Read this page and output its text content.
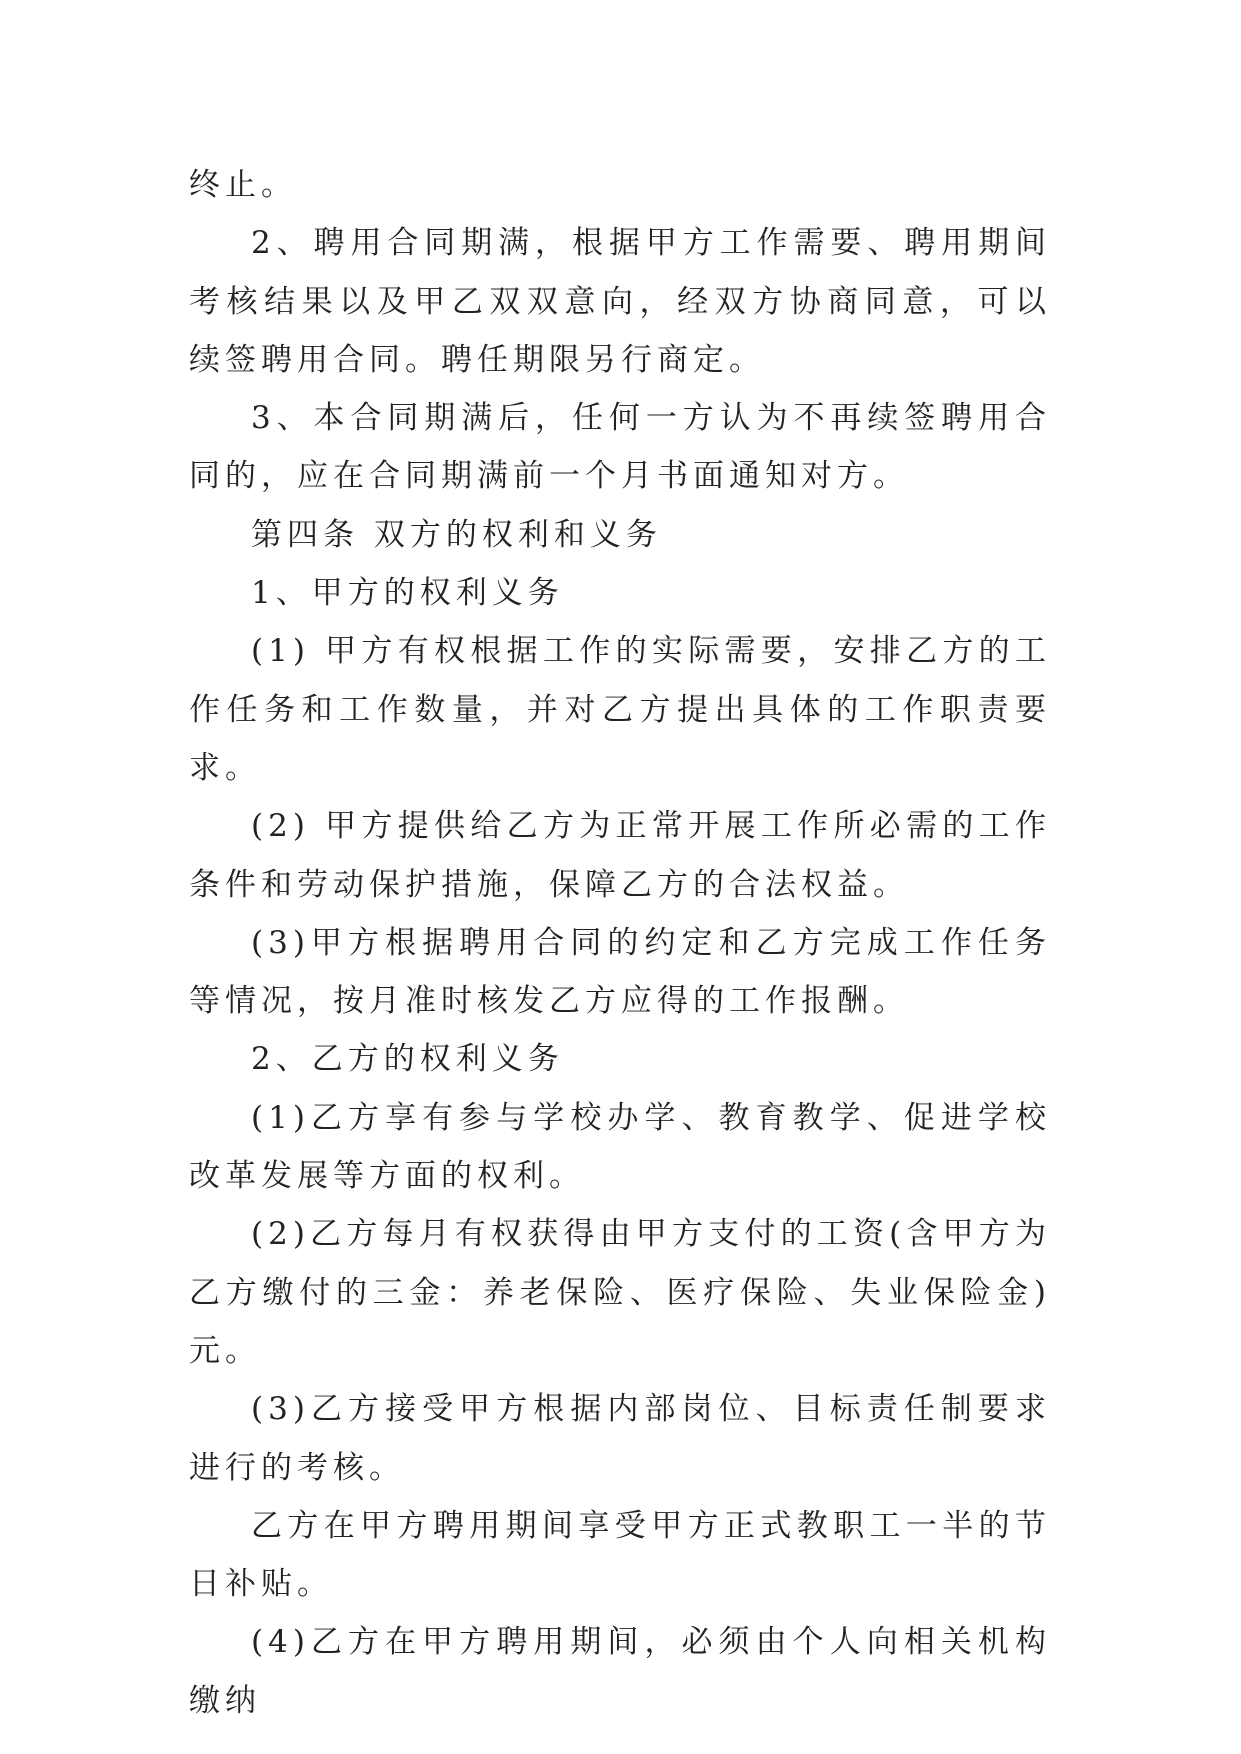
终止。

2、聘用合同期满，根据甲方工作需要、聘用期间考核结果以及甲乙双双意向，经双方协商同意，可以续签聘用合同。聘任期限另行商定。

3、本合同期满后，任何一方认为不再续签聘用合同的，应在合同期满前一个月书面通知对方。

第四条 双方的权利和义务

1、甲方的权利义务

(1) 甲方有权根据工作的实际需要，安排乙方的工作任务和工作数量，并对乙方提出具体的工作职责要求。

(2) 甲方提供给乙方为正常开展工作所必需的工作条件和劳动保护措施，保障乙方的合法权益。

(3)甲方根据聘用合同的约定和乙方完成工作任务等情况，按月准时核发乙方应得的工作报酬。

2、乙方的权利义务

(1)乙方享有参与学校办学、教育教学、促进学校改革发展等方面的权利。

(2)乙方每月有权获得由甲方支付的工资(含甲方为乙方缴付的三金：养老保险、医疗保险、失业保险金) 元。

(3)乙方接受甲方根据内部岗位、目标责任制要求进行的考核。

乙方在甲方聘用期间享受甲方正式教职工一半的节日补贴。

(4)乙方在甲方聘用期间，必须由个人向相关机构缴纳
